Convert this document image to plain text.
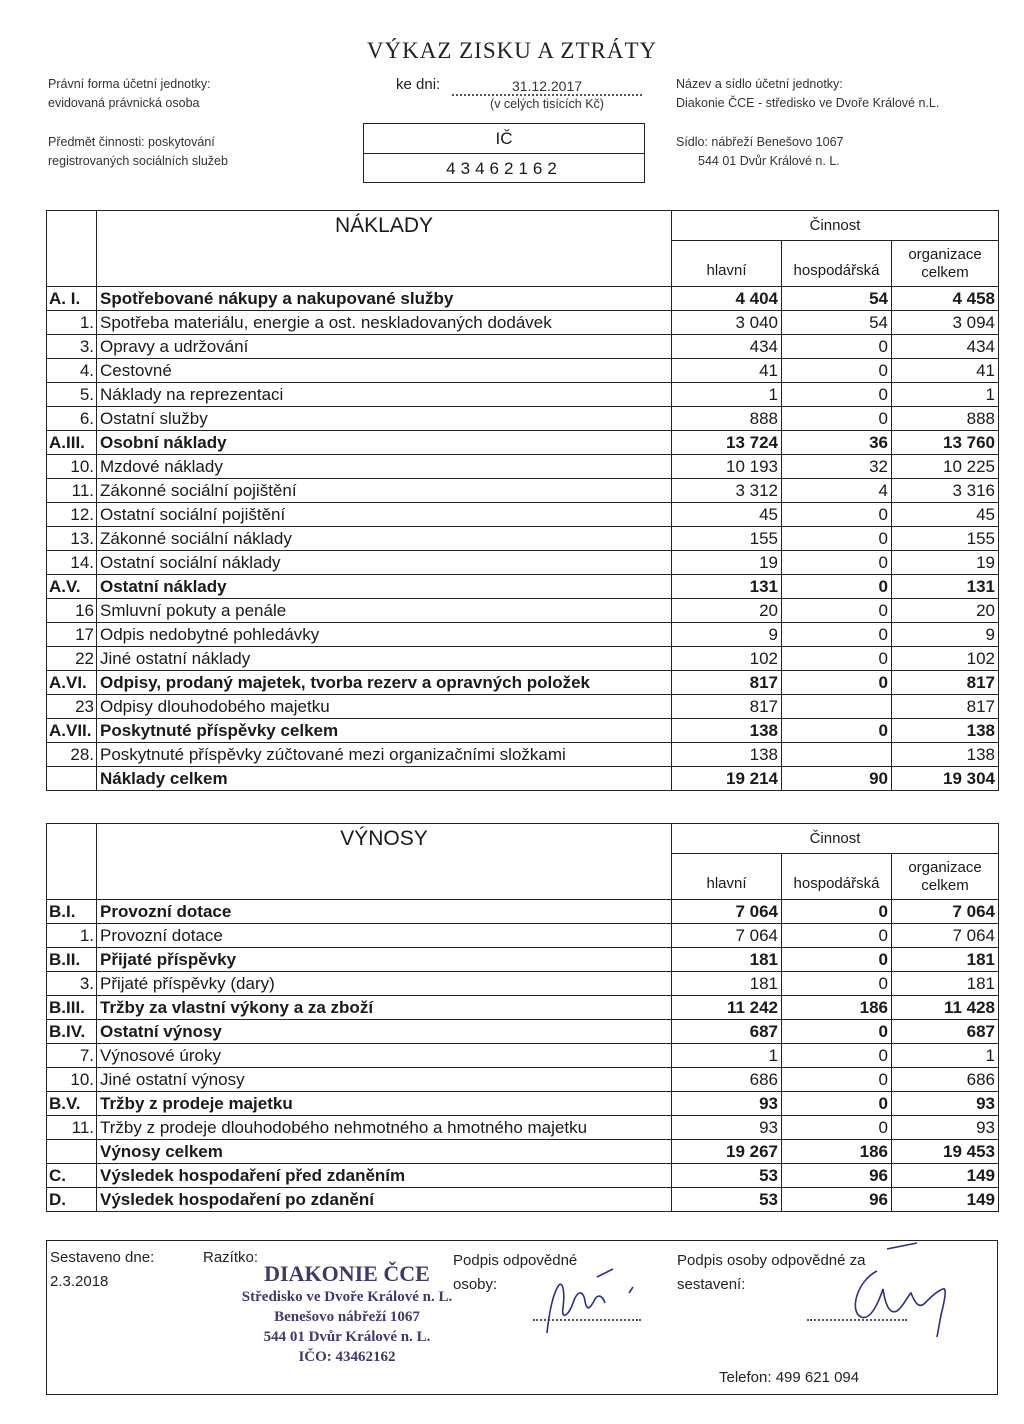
VÝKAZ ZISKU A ZTRÁTY
Právní forma účetní jednotky:
evidovaná právnická osoba
Předmět činnosti: poskytování
registrovaných sociálních služeb
ke dni:	31.12.2017
(v celých tisících Kč)
IČ
43462162
Název a sídlo účetní jednotky:
Diakonie ČCE - středisko ve Dvoře Králové n.L.
Sídlo: nábřeží Benešovo 1067
544 01 Dvůr Králové n. L.
	NÁKLADY	Činnost		
		hlavní	hospodářská	organizace celkem
A. I.	Spotřebované nákupy a nakupované služby	4 404	54	4 458
1.	Spotřeba materiálu, energie a ost. neskladovaných dodávek	3 040	54	3 094
3.	Opravy a udržování	434	0	434
4.	Cestovné	41	0	41
5.	Náklady na reprezentaci	1	0	1
6.	Ostatní služby	888	0	888
A.III.	Osobní náklady	13 724	36	13 760
10.	Mzdové náklady	10 193	32	10 225
11.	Zákonné sociální pojištění	3 312	4	3 316
12.	Ostatní sociální pojištění	45	0	45
13.	Zákonné sociální náklady	155	0	155
14.	Ostatní sociální náklady	19	0	19
A.V.	Ostatní náklady	131	0	131
16	Smluvní pokuty a penále	20	0	20
17	Odpis nedobytné pohledávky	9	0	9
22	Jiné ostatní náklady	102	0	102
A.VI.	Odpisy, prodaný majetek, tvorba rezerv a opravných položek	817	0	817
23	Odpisy dlouhodobého majetku	817		817
A.VII.	Poskytnuté příspěvky celkem	138	0	138
28.	Poskytnuté příspěvky zúčtované mezi organizačními složkami	138		138
	Náklady celkem	19 214	90	19 304
	VÝNOSY	Činnost		
		hlavní	hospodářská	organizace celkem
B.I.	Provozní dotace	7 064	0	7 064
1.	Provozní dotace	7 064	0	7 064
B.II.	Přijaté příspěvky	181	0	181
3.	Přijaté příspěvky (dary)	181	0	181
B.III.	Tržby za vlastní výkony a za zboží	11 242	186	11 428
B.IV.	Ostatní výnosy	687	0	687
7.	Výnosové úroky	1	0	1
10.	Jiné ostatní výnosy	686	0	686
B.V.	Tržby z prodeje majetku	93	0	93
11.	Tržby z prodeje dlouhodobého nehmotného a hmotného majetku	93	0	93
	Výnosy celkem	19 267	186	19 453
C.	Výsledek hospodaření před zdaněním	53	96	149
D.	Výsledek hospodaření po zdanění	53	96	149
Sestaveno dne:
2.3.2018
Razítko:
DIAKONIE ČCE
Středisko ve Dvoře Králové n. L.
Benešovo nábřeží 1067
544 01 Dvůr Králové n. L.
IČO: 43462162
Podpis odpovědné osoby:
Podpis osoby odpovědné za sestavení:
Telefon: 499 621 094
